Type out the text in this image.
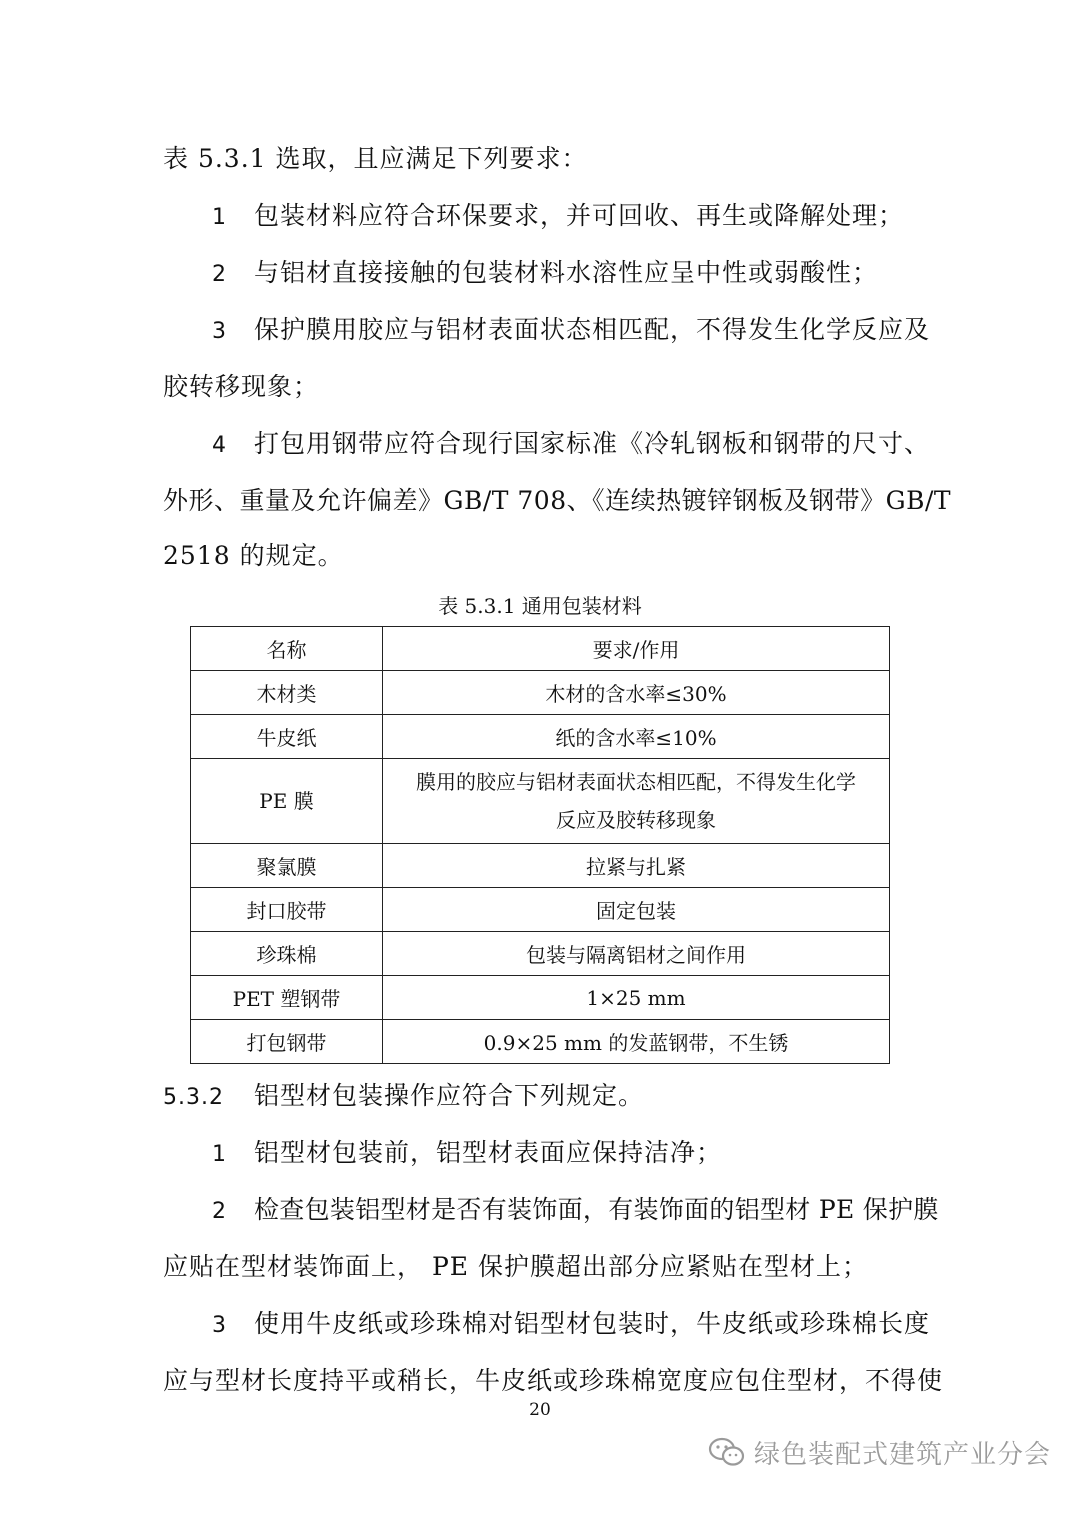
表 5.3.1 选取，且应满足下列要求：
1 包装材料应符合环保要求，并可回收、再生或降解处理；
2 与铝材直接接触的包装材料水溶性应呈中性或弱酸性；
3 保护膜用胶应与铝材表面状态相匹配，不得发生化学反应及
胶转移现象；
4 打包用钢带应符合现行国家标准《冷轧钢板和钢带的尺寸、
外形、重量及允许偏差》GB/T 708、《连续热镀锌钢板及钢带》GB/T
2518 的规定。
表 5.3.1 通用包装材料
名称	要求/作用
木材类	木材的含水率≤30%
牛皮纸	纸的含水率≤10%
PE 膜	膜用的胶应与铝材表面状态相匹配，不得发生化学
反应及胶转移现象

聚氯膜	拉紧与扎紧
封口胶带	固定包装
珍珠棉	包装与隔离铝材之间作用
PET 塑钢带	1×25 mm
打包钢带	0.9×25 mm 的发蓝钢带，不生锈
5.3.2 铝型材包装操作应符合下列规定。
1 铝型材包装前，铝型材表面应保持洁净；
2 检查包装铝型材是否有装饰面，有装饰面的铝型材 PE 保护膜
应贴在型材装饰面上， PE 保护膜超出部分应紧贴在型材上；
3 使用牛皮纸或珍珠棉对铝型材包装时，牛皮纸或珍珠棉长度
应与型材长度持平或稍长，牛皮纸或珍珠棉宽度应包住型材，不得使
20
绿色装配式建筑产业分会
